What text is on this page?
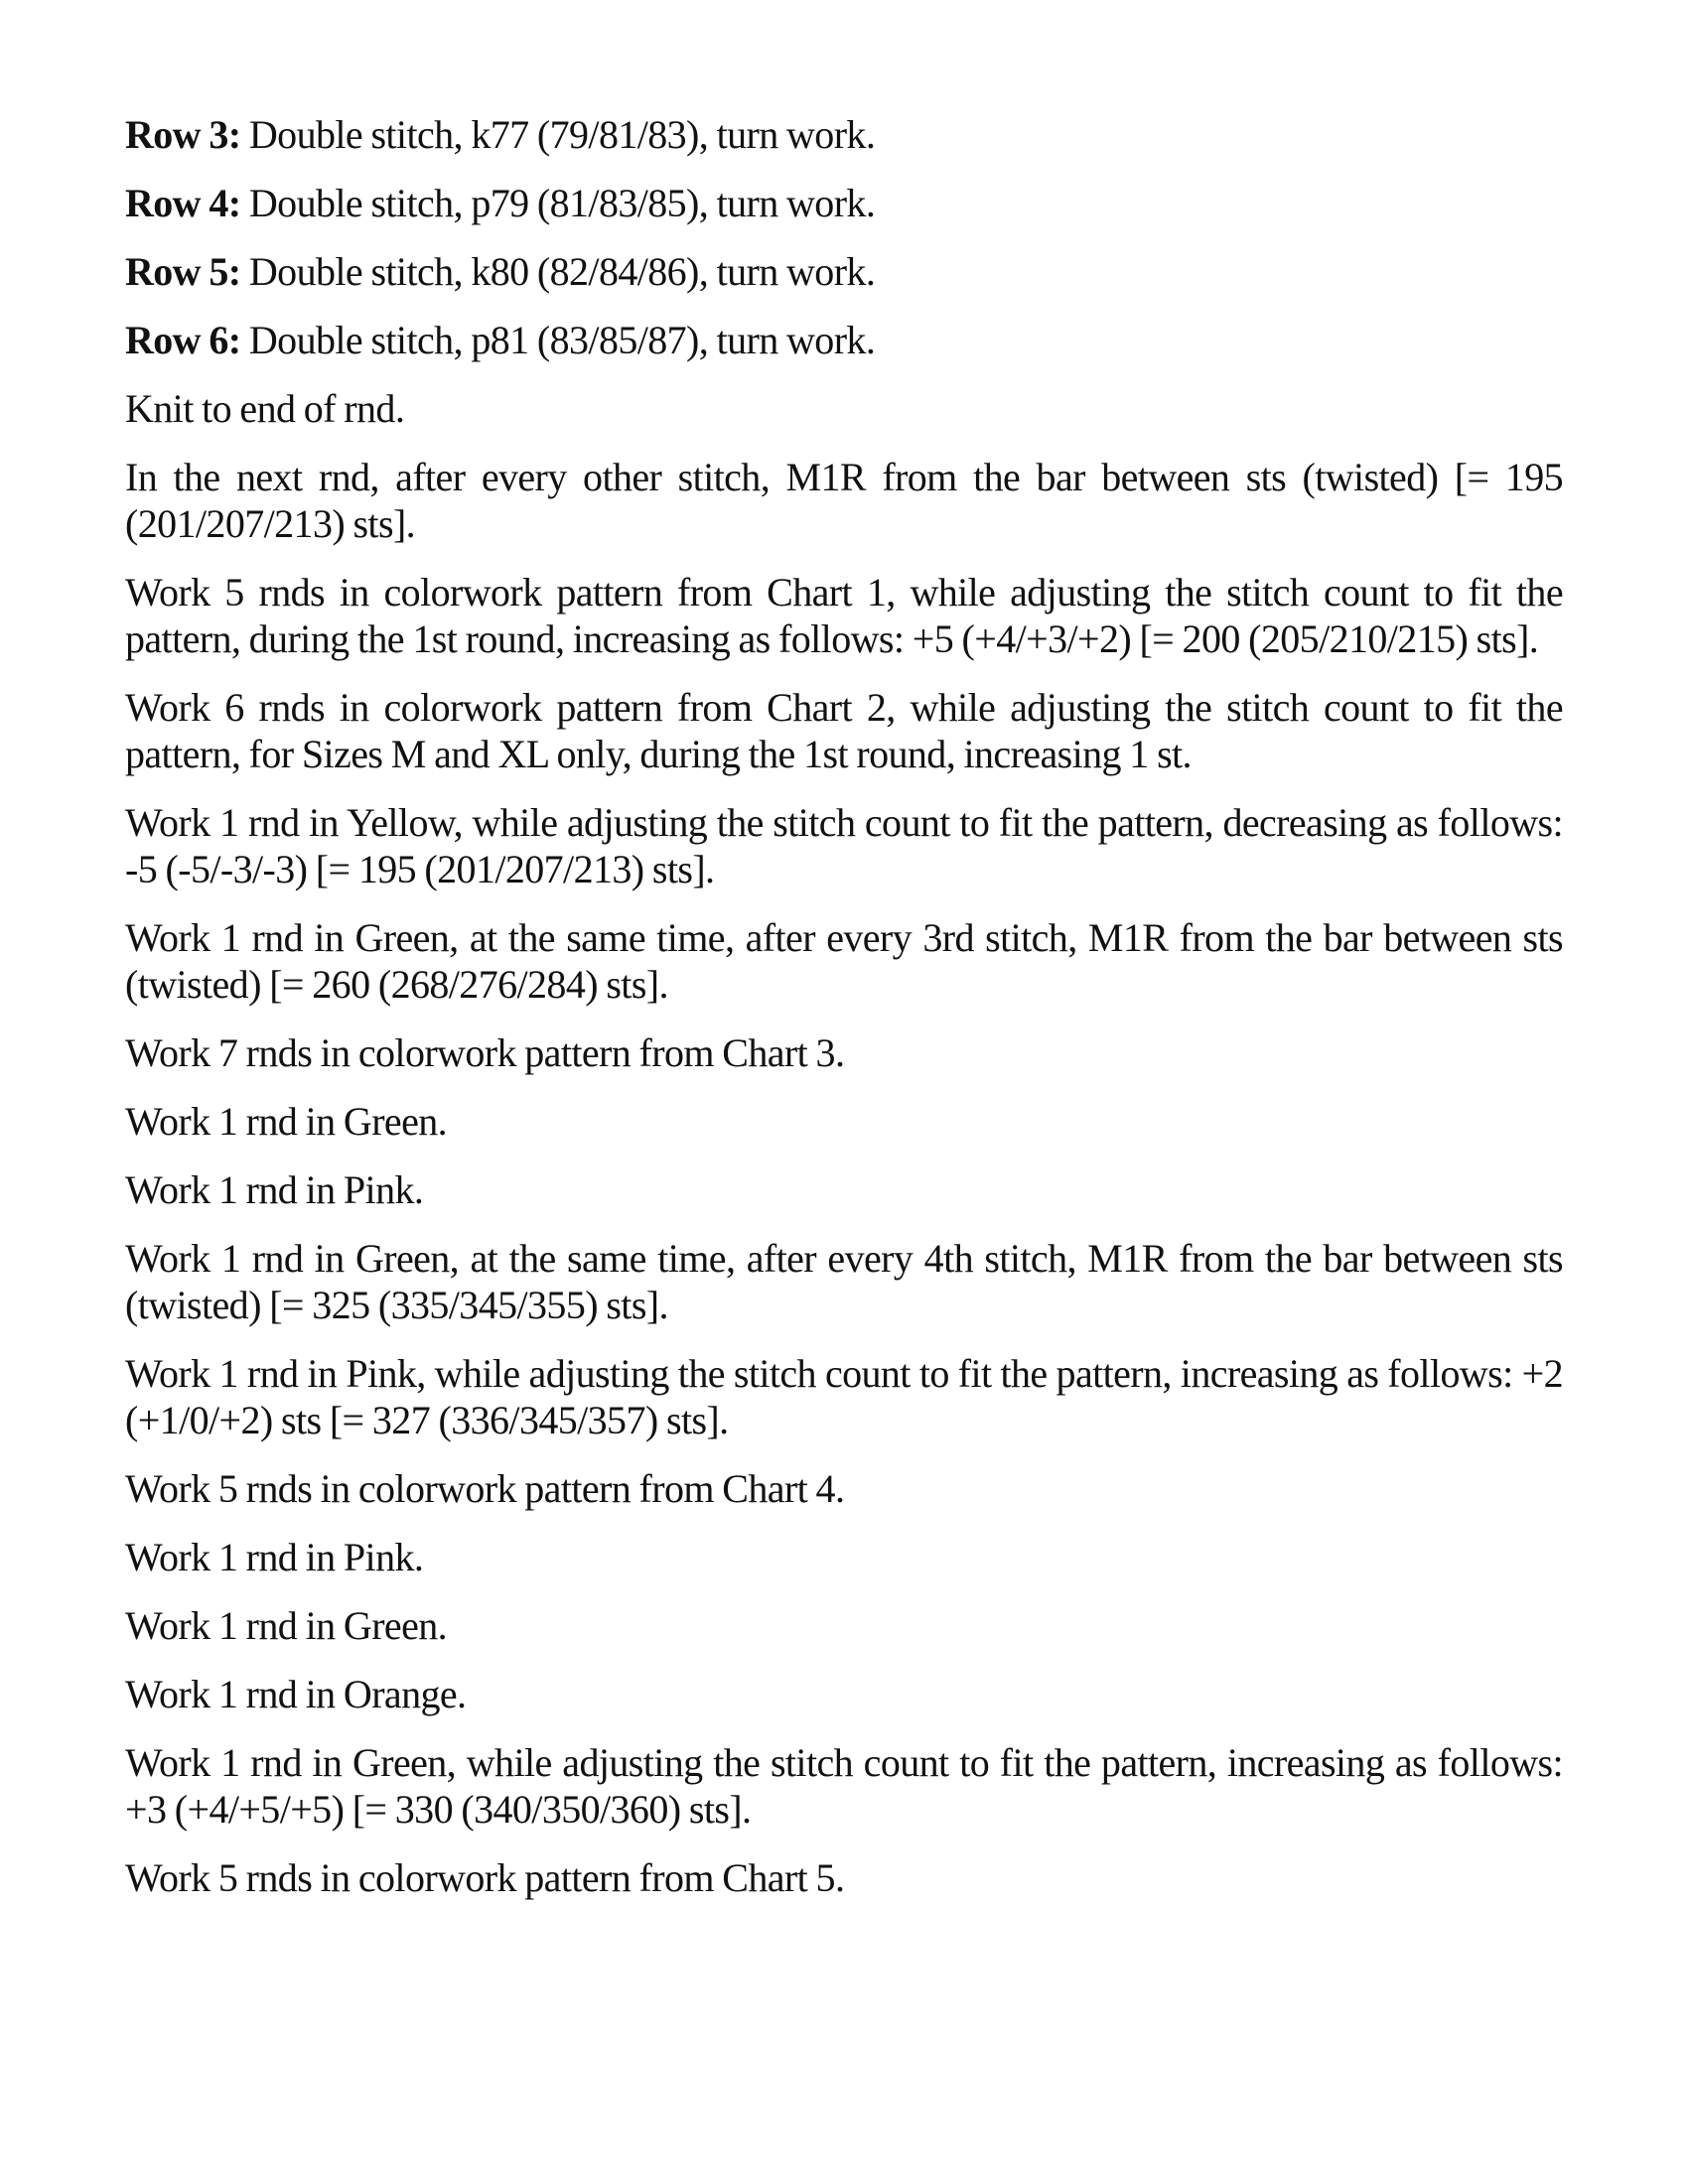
Row 3: Double stitch, k77 (79/81/83), turn work.

Row 4: Double stitch, p79 (81/83/85), turn work.

Row 5: Double stitch, k80 (82/84/86), turn work.

Row 6: Double stitch, p81 (83/85/87), turn work.

Knit to end of rnd.

In the next rnd, after every other stitch, M1R from the bar between sts (twisted) [= 195 (201/207/213) sts].

Work 5 rnds in colorwork pattern from Chart 1, while adjusting the stitch count to fit the pattern, during the 1st round, increasing as follows: +5 (+4/+3/+2) [= 200 (205/210/215) sts].

Work 6 rnds in colorwork pattern from Chart 2, while adjusting the stitch count to fit the pattern, for Sizes M and XL only, during the 1st round, increasing 1 st.

Work 1 rnd in Yellow, while adjusting the stitch count to fit the pattern, decreasing as follows: -5 (-5/-3/-3) [= 195 (201/207/213) sts].

Work 1 rnd in Green, at the same time, after every 3rd stitch, M1R from the bar between sts (twisted) [= 260 (268/276/284) sts].

Work 7 rnds in colorwork pattern from Chart 3.

Work 1 rnd in Green.

Work 1 rnd in Pink.

Work 1 rnd in Green, at the same time, after every 4th stitch, M1R from the bar between sts (twisted) [= 325 (335/345/355) sts].

Work 1 rnd in Pink, while adjusting the stitch count to fit the pattern, increasing as follows: +2 (+1/0/+2) sts [= 327 (336/345/357) sts].

Work 5 rnds in colorwork pattern from Chart 4.

Work 1 rnd in Pink.

Work 1 rnd in Green.

Work 1 rnd in Orange.

Work 1 rnd in Green, while adjusting the stitch count to fit the pattern, increasing as follows: +3 (+4/+5/+5) [= 330 (340/350/360) sts].

Work 5 rnds in colorwork pattern from Chart 5.
